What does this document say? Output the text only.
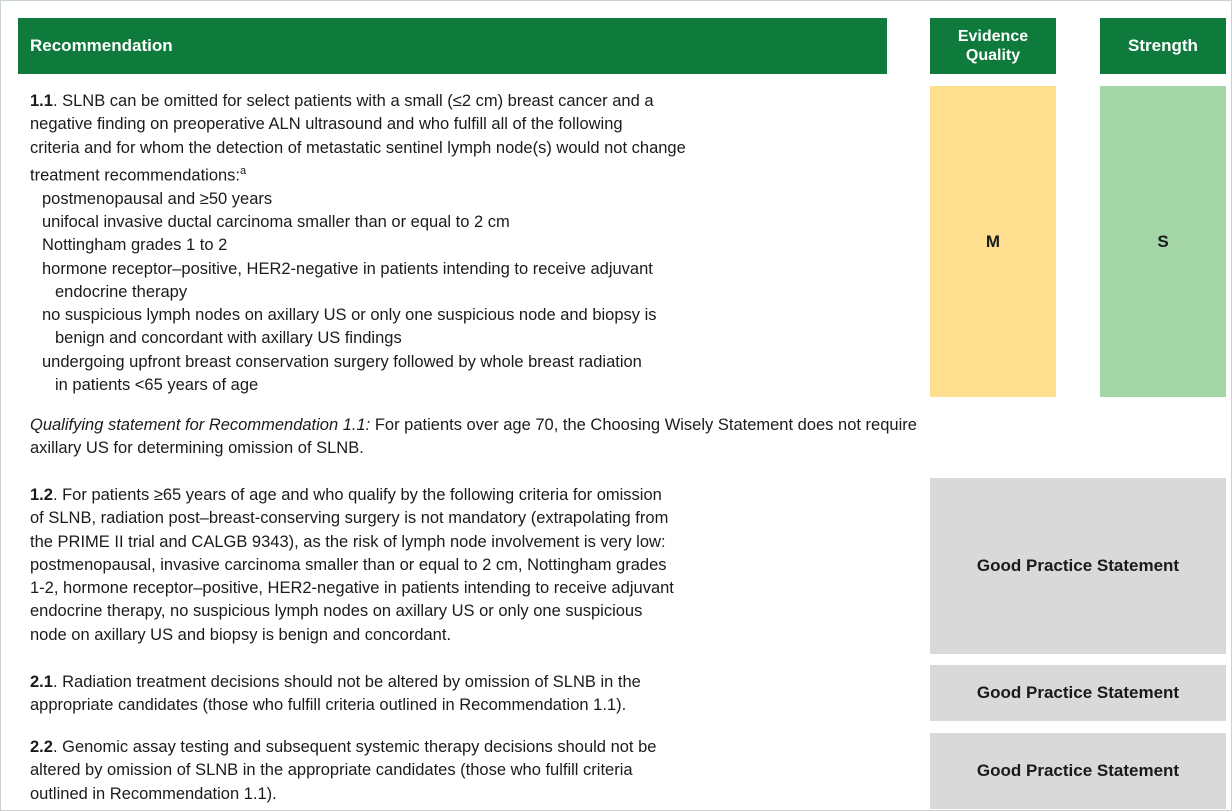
Recommendation	Evidence
Quality
Strength
1.1. SLNB can be omitted for select patients with a small (≤2 cm) breast cancer and a
negative finding on preoperative ALN ultrasound and who fulfill all of the following
criteria and for whom the detection of metastatic sentinel lymph node(s) would not change
treatment recommendations:$^a$
postmenopausal and ≥50 years
unifocal invasive ductal carcinoma smaller than or equal to 2 cm
Nottingham grades 1 to 2
hormone receptor–positive, HER2-negative in patients intending to receive adjuvant
endocrine therapy
no suspicious lymph nodes on axillary US or only one suspicious node and biopsy is
benign and concordant with axillary US findings
undergoing upfront breast conservation surgery followed by whole breast radiation
in patients <65 years of age
M	S
Qualifying statement for Recommendation 1.1: For patients over age 70, the Choosing Wisely Statement does not require
axillary US for determining omission of SLNB.
1.2. For patients ≥65 years of age and who qualify by the following criteria for omission
of SLNB, radiation post–breast-conserving surgery is not mandatory (extrapolating from
the PRIME II trial and CALGB 9343), as the risk of lymph node involvement is very low:
postmenopausal, invasive carcinoma smaller than or equal to 2 cm, Nottingham grades
1-2, hormone receptor–positive, HER2-negative in patients intending to receive adjuvant
endocrine therapy, no suspicious lymph nodes on axillary US or only one suspicious
node on axillary US and biopsy is benign and concordant.
Good Practice Statement
2.1. Radiation treatment decisions should not be altered by omission of SLNB in the
appropriate candidates (those who fulfill criteria outlined in Recommendation 1.1).
Good Practice Statement
2.2. Genomic assay testing and subsequent systemic therapy decisions should not be
altered by omission of SLNB in the appropriate candidates (those who fulfill criteria
outlined in Recommendation 1.1).
Good Practice Statement
